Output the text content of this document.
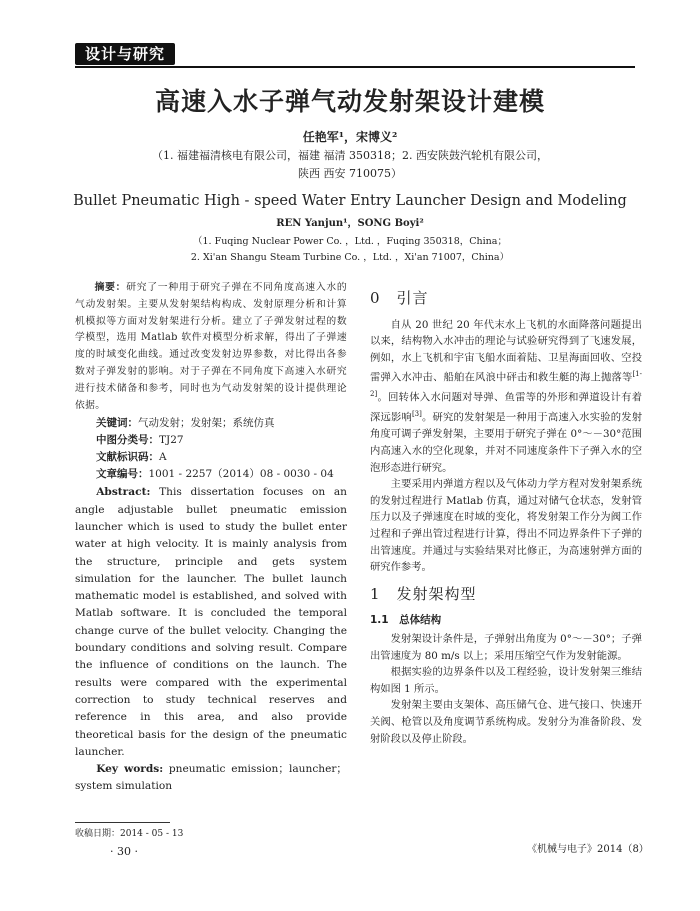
设计与研究
高速入水子弹气动发射架设计建模
任艳军¹，宋博义²
（1. 福建福清核电有限公司，福建 福清 350318；2. 西安陕鼓汽轮机有限公司，
陕西 西安 710075）
Bullet Pneumatic High - speed Water Entry Launcher Design and Modeling
REN Yanjun¹，SONG Boyi²
（1. Fuqing Nuclear Power Co. ，Ltd. ，Fuqing 350318，China；
2. Xi'an Shangu Steam Turbine Co. ，Ltd. ，Xi'an 71007，China）

摘要：研究了一种用于研究子弹在不同角度高速入水的气动发射架。主要从发射架结构构成、发射原理分析和计算机模拟等方面对发射架进行分析。建立了子弹发射过程的数学模型，选用 Matlab 软件对模型分析求解，得出了子弹速度的时域变化曲线。通过改变发射边界参数，对比得出各参数对子弹发射的影响。对于子弹在不同角度下高速入水研究进行技术储备和参考，同时也为气动发射架的设计提供理论依据。

关键词：气动发射；发射架；系统仿真
中图分类号：TJ27
文献标识码：A
文章编号：1001 - 2257（2014）08 - 0030 - 04

Abstract: This dissertation focuses on an angle adjustable bullet pneumatic emission launcher which is used to study the bullet enter water at high velocity. It is mainly analysis from the structure, principle and gets system simulation for the launcher. The bullet launch mathematic model is established, and solved with Matlab software. It is concluded the temporal change curve of the bullet velocity. Changing the boundary conditions and solving result. Compare the influence of conditions on the launch. The results were compared with the experimental correction to study technical reserves and reference in this area, and also provide theoretical basis for the design of the pneumatic launcher.

Key words: pneumatic emission；launcher；system simulation

收稿日期：2014 - 05 - 13
· 30 ·
0　引言

自从 20 世纪 20 年代末水上飞机的水面降落问题提出以来，结构物入水冲击的理论与试验研究得到了飞速发展，例如，水上飞机和宇宙飞船水面着陆、卫星海面回收、空投雷弹入水冲击、船舶在风浪中砰击和救生艇的海上抛落等[1-2]。回转体入水问题对导弹、鱼雷等的外形和弹道设计有着深远影响[3]。研究的发射架是一种用于高速入水实验的发射角度可调子弹发射架，主要用于研究子弹在 0°～－30°范围内高速入水的空化现象，并对不同速度条件下子弹入水的空泡形态进行研究。

主要采用内弹道方程以及气体动力学方程对发射架系统的发射过程进行 Matlab 仿真，通过对储气仓状态，发射管压力以及子弹速度在时域的变化，将发射架工作分为阀工作过程和子弹出管过程进行计算，得出不同边界条件下子弹的出管速度。并通过与实验结果对比修正，为高速射弹方面的研究作参考。

1　发射架构型
1.1　总体结构

发射架设计条件是，子弹射出角度为 0°～－30°；子弹出管速度为 80 m/s 以上；采用压缩空气作为发射能源。

根据实验的边界条件以及工程经验，设计发射架三维结构如图 1 所示。

发射架主要由支架体、高压储气仓、进气接口、快速开关阀、枪管以及角度调节系统构成。发射分为准备阶段、发射阶段以及停止阶段。

《机械与电子》2014（8）
